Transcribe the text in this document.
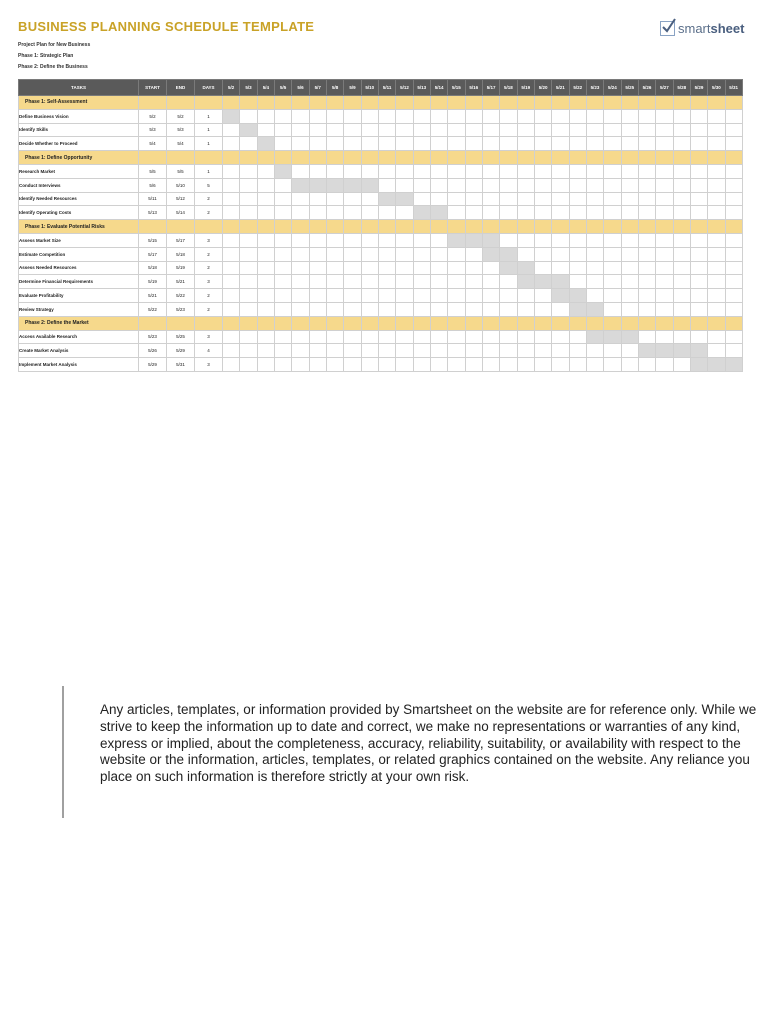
BUSINESS PLANNING SCHEDULE TEMPLATE
Project Plan for New Business
Phase 1: Strategic Plan
Phase 2: Define the Business
smartsheet
TASKS	START	END	DAYS	5/2	5/3	5/4	5/5	5/6	5/7	5/8	5/9	5/10	5/11	5/12	5/13	5/14	5/15	5/16	5/17	5/18	5/19	5/20	5/21	5/22	5/23	5/24	5/25	5/26	5/27	5/28	5/29	5/30	5/31
Phase 1: Self-Assessment																																	
Define Business Vision	5/2	5/2	1																														
Identify Skills	5/3	5/3	1																														
Decide Whether to Proceed	5/4	5/4	1																														
Phase 1: Define Opportunity																																	
Research Market	5/5	5/5	1																														
Conduct Interviews	5/6	5/10	5																														
Identify Needed Resources	5/11	5/12	2																														
Identify Operating Costs	5/13	5/14	2																														
Phase 1: Evaluate Potential Risks																																	
Assess Market Size	5/15	5/17	3																														
Estimate Competition	5/17	5/18	2																														
Assess Needed Resources	5/18	5/19	2																														
Determine Financial Requirements	5/19	5/21	3																														
Evaluate Profitability	5/21	5/22	2																														
Review Strategy	5/22	5/23	2																														
Phase 2: Define the Market																																	
Access Available Research	5/23	5/25	3																														
Create Market Analysis	5/26	5/29	4																														
Implement Market Analysis	5/29	5/31	3																														

Any articles, templates, or information provided by Smartsheet on the website are for reference only. While we strive to keep the information up to date and correct, we make no representations or warranties of any kind, express or implied, about the completeness, accuracy, reliability, suitability, or availability with respect to the website or the information, articles, templates, or related graphics contained on the website. Any reliance you place on such information is therefore strictly at your own risk.
